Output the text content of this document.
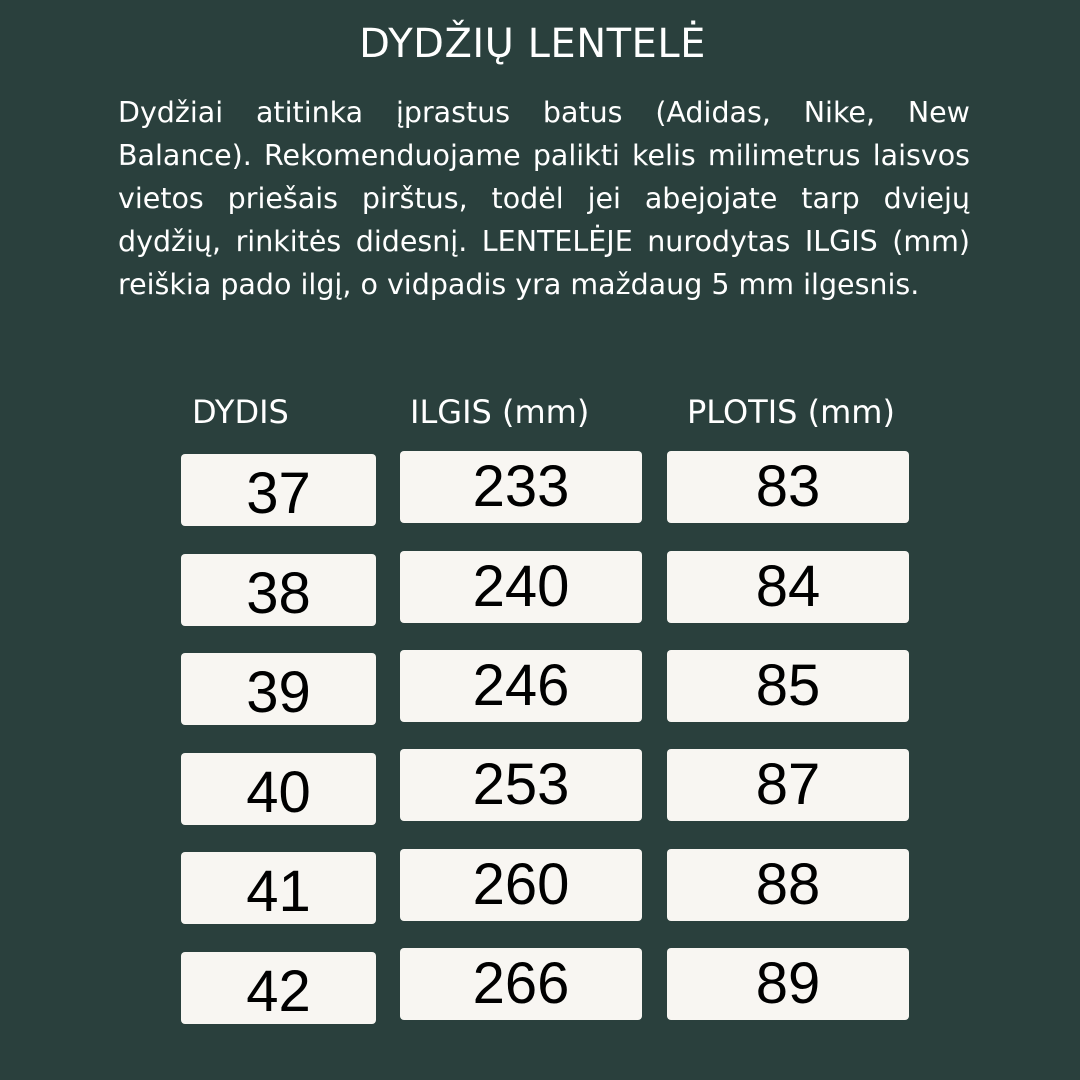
DYDŽIŲ LENTELĖ

Dydžiai atitinka įprastus batus (Adidas, Nike, New Balance). Rekomenduojame palikti kelis milimetrus laisvos vietos priešais pirštus, todėl jei abejojate tarp dviejų dydžių, rinkitės didesnį. LENTELĖJE nurodytas ILGIS (mm) reiškia pado ilgį, o vidpadis yra maždaug 5 mm ilgesnis.

DYDIS	ILGIS (mm)	PLOTIS (mm)
37	233	83
38	240	84
39	246	85
40	253	87
41	260	88
42	266	89
